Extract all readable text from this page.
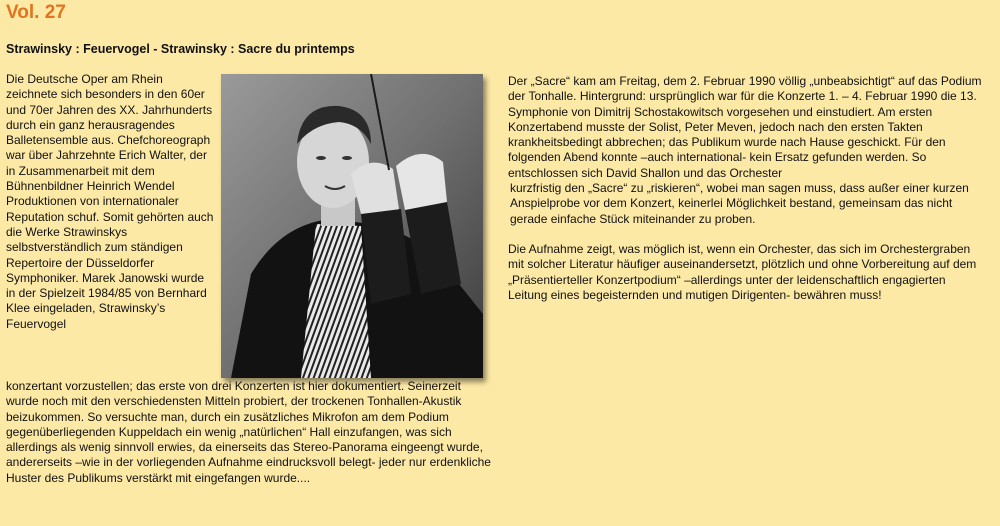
Vol. 27
Strawinsky : Feuervogel - Strawinsky : Sacre du printemps
Die Deutsche Oper am Rhein zeichnete sich besonders in den 60er und 70er Jahren des XX. Jahrhunderts durch ein ganz herausragendes Balletensemble aus. Chefchoreograph war über Jahrzehnte Erich Walter, der in Zusammenarbeit mit dem Bühnenbildner Heinrich Wendel Produktionen von internationaler Reputation schuf. Somit gehörten auch die Werke Strawinskys selbstverständlich zum ständigen Repertoire der Düsseldorfer Symphoniker. Marek Janowski wurde in der Spielzeit 1984/85 von Bernhard Klee eingeladen, Strawinsky’s Feuervogel
konzertant vorzustellen; das erste von drei Konzerten ist hier dokumentiert. Seinerzeit wurde noch mit den verschiedensten Mitteln probiert, der trockenen Tonhallen-Akustik beizukommen. So versuchte man, durch ein zusätzliches Mikrofon am dem Podium gegenüberliegenden Kuppeldach ein wenig „natürlichen“ Hall einzufangen, was sich allerdings als wenig sinnvoll erwies, da einerseits das Stereo-Panorama eingeengt wurde, andererseits –wie in der vorliegenden Aufnahme eindrucksvoll belegt- jeder nur erdenkliche Huster des Publikums verstärkt mit eingefangen wurde....

Der „Sacre“ kam am Freitag, dem 2. Februar 1990 völlig „unbeabsichtigt“ auf das Podium der Tonhalle. Hintergrund: ursprünglich war für die Konzerte 1. – 4. Februar 1990 die 13. Symphonie von Dimitrij Schostakowitsch vorgesehen und einstudiert. Am ersten Konzertabend musste der Solist, Peter Meven, jedoch nach den ersten Takten krankheitsbedingt abbrechen; das Publikum wurde nach Hause geschickt. Für den folgenden Abend konnte –auch international- kein Ersatz gefunden werden. So entschlossen sich David Shallon und das Orchester

kurzfristig den „Sacre“ zu „riskieren“, wobei man sagen muss, dass außer einer kurzen Anspielprobe vor dem Konzert, keinerlei Möglichkeit bestand, gemeinsam das nicht gerade einfache Stück miteinander zu proben.

Die Aufnahme zeigt, was möglich ist, wenn ein Orchester, das sich im Orchestergraben mit solcher Literatur häufiger auseinandersetzt, plötzlich und ohne Vorbereitung auf dem „Präsentierteller Konzertpodium“ –allerdings unter der leidenschaftlich engagierten Leitung eines begeisternden und mutigen Dirigenten- bewähren muss!
